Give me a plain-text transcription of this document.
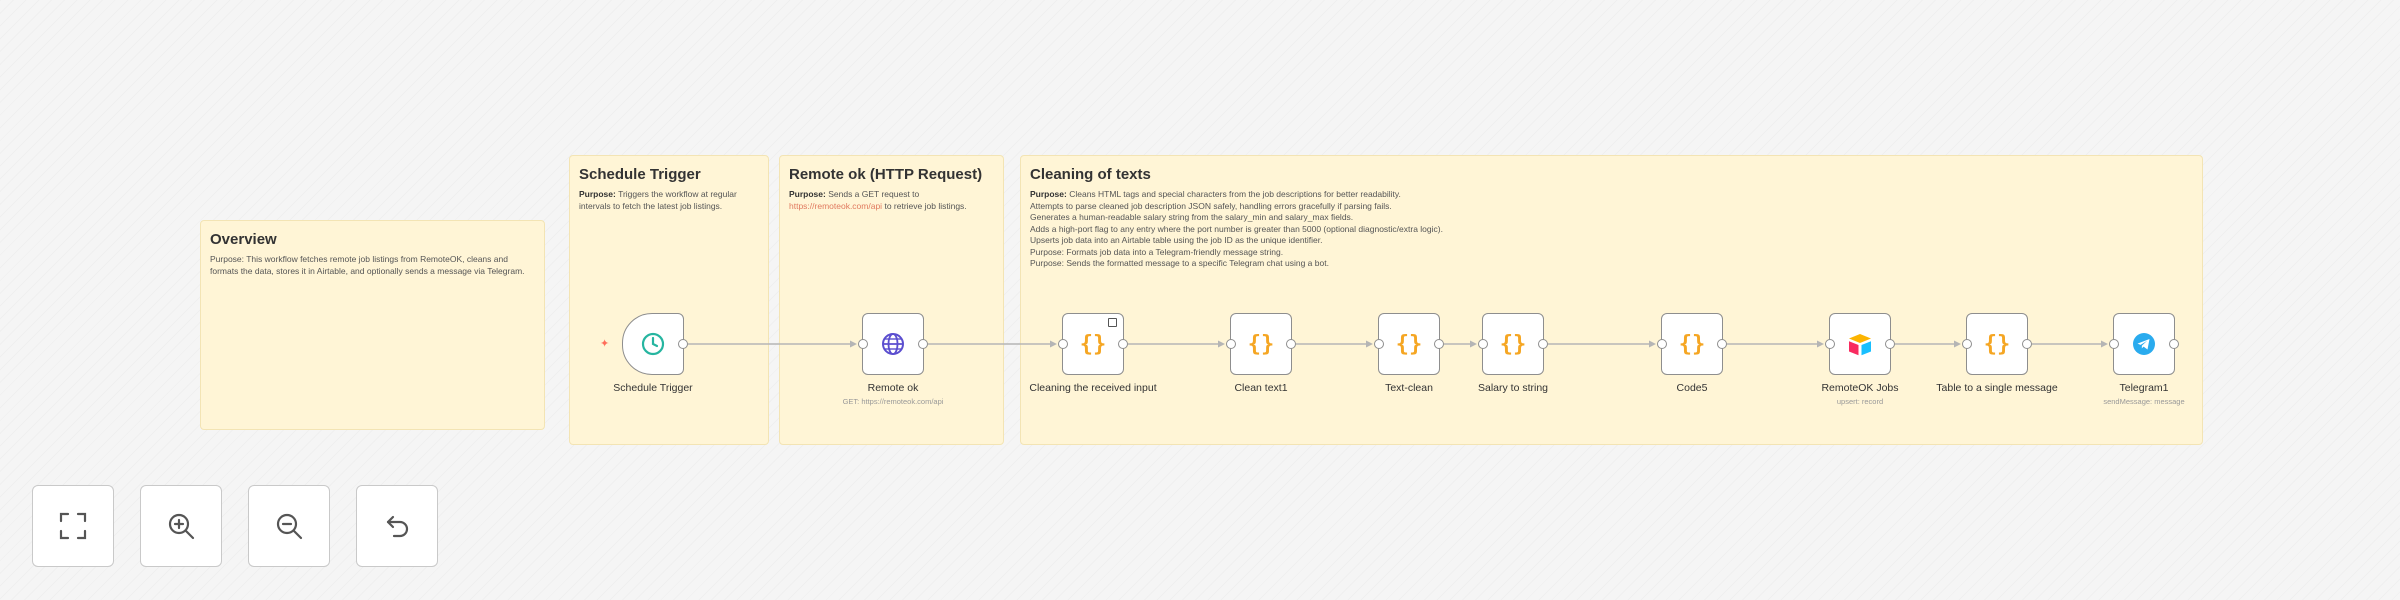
Overview

Purpose: This workflow fetches remote job listings from RemoteOK, cleans and formats the data, stores it in Airtable, and optionally sends a message via Telegram.

Schedule Trigger

Purpose: Triggers the workflow at regular intervals to fetch the latest job listings.

Remote ok (HTTP Request)

Purpose: Sends a GET request to https://remoteok.com/api to retrieve job listings.

Cleaning of texts

Purpose: Cleans HTML tags and special characters from the job descriptions for better readability.
Attempts to parse cleaned job description JSON safely, handling errors gracefully if parsing fails.
Generates a human-readable salary string from the salary_min and salary_max fields.
Adds a high-port flag to any entry where the port number is greater than 5000 (optional diagnostic/extra logic).
Upserts job data into an Airtable table using the job ID as the unique identifier.
Purpose: Formats job data into a Telegram-friendly message string.
Purpose: Sends the formatted message to a specific Telegram chat using a bot.

✦	{}	{}	{}	{}	{}	{}
Schedule Trigger	Remote ok
GET: https://remoteok.com/api
Cleaning the received input	Clean text1	Text-clean	Salary to string	Code5	RemoteOK Jobs
upsert: record
Table to a single message	Telegram1
sendMessage: message
